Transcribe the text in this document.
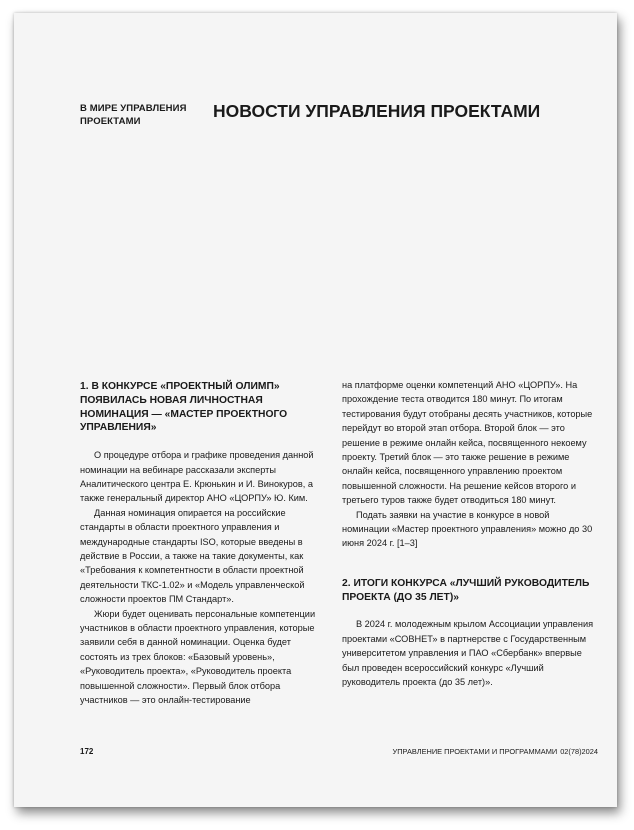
В МИРЕ УПРАВЛЕНИЯ ПРОЕКТАМИ
НОВОСТИ УПРАВЛЕНИЯ ПРОЕКТАМИ
1. В КОНКУРСЕ «ПРОЕКТНЫЙ ОЛИМП» ПОЯВИЛАСЬ НОВАЯ ЛИЧНОСТНАЯ НОМИНАЦИЯ — «МАСТЕР ПРОЕКТНОГО УПРАВЛЕНИЯ»

О процедуре отбора и графике проведения данной номинации на вебинаре рассказали эксперты Аналитического центра Е. Крюнькин и И. Винокуров, а также генеральный директор АНО «ЦОРПУ» Ю. Ким.

Данная номинация опирается на российские стандарты в области проектного управления и международные стандарты ISO, которые введены в действие в России, а также на такие документы, как «Требования к компетентности в области проектной деятельности ТКС-1.02» и «Модель управленческой сложности проектов ПМ Стандарт».

Жюри будет оценивать персональные компетенции участников в области проектного управления, которые заявили себя в данной номинации. Оценка будет состоять из трех блоков: «Базовый уровень», «Руководитель проекта», «Руководитель проекта повышенной сложности». Первый блок отбора участников — это онлайн-тестирование

на платформе оценки компетенций АНО «ЦОРПУ». На прохождение теста отводится 180 минут. По итогам тестирования будут отобраны десять участников, которые перейдут во второй этап отбора. Второй блок — это решение в режиме онлайн кейса, посвященного некоему проекту. Третий блок — это также решение в режиме онлайн кейса, посвященного управлению проектом повышенной сложности. На решение кейсов второго и третьего туров также будет отводиться 180 минут.

Подать заявки на участие в конкурсе в новой номинации «Мастер проектного управления» можно до 30 июня 2024 г. [1–3]

2. ИТОГИ КОНКУРСА «ЛУЧШИЙ РУКОВОДИТЕЛЬ ПРОЕКТА (ДО 35 ЛЕТ)»

В 2024 г. молодежным крылом Ассоциации управления проектами «СОВНЕТ» в партнерстве с Государственным университетом управления и ПАО «Сбербанк» впервые был проведен всероссийский конкурс «Лучший руководитель проекта (до 35 лет)».

172	УПРАВЛЕНИЕ ПРОЕКТАМИ И ПРОГРАММАМИ 02(78)2024
